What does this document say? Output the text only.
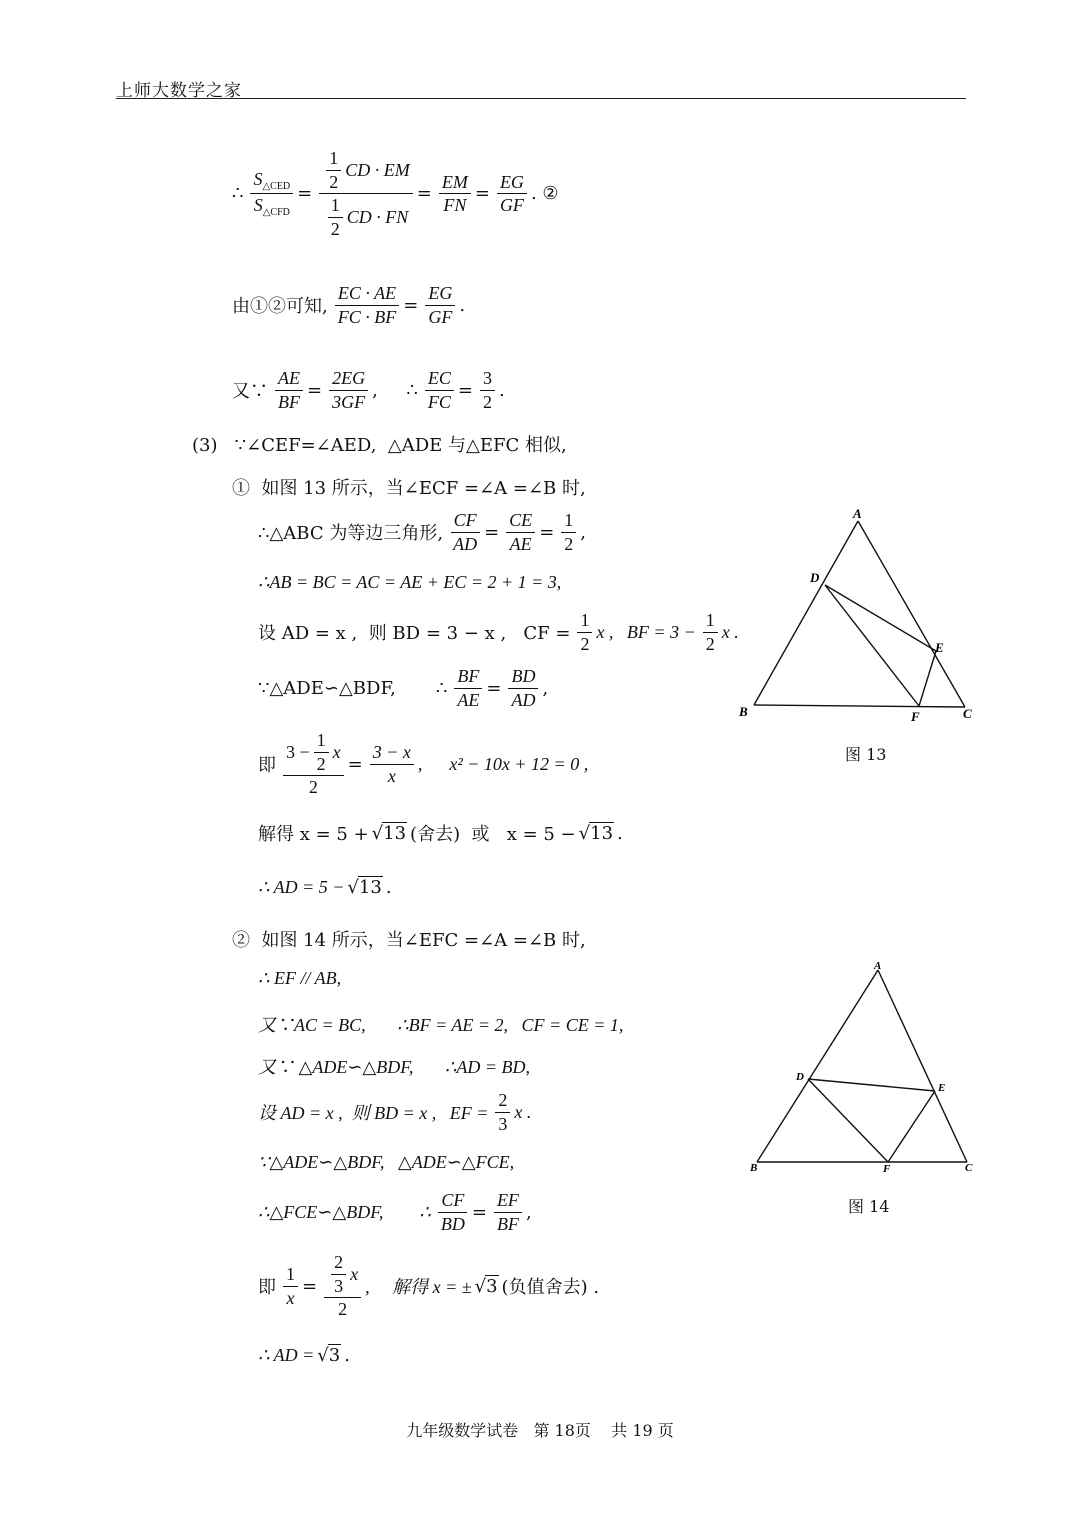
上师大数学之家
∴ $\frac{S_{\triangle CED}}{S_{\triangle CFD}} = \frac{\frac{1}{2} CD \cdot EM}{\frac{1}{2} CD \cdot FN} = \frac{EM}{FN} = \frac{EG}{GF}$ . ②
由①②可知, $\frac{EC \cdot AE}{FC \cdot BF} = \frac{EG}{GF}$ .
又∵ $\frac{AE}{BF} = \frac{2EG}{3GF}$ ,     ∴ $\frac{EC}{FC} = \frac{3}{2}$ .
(3)   ∵∠CEF=∠AED,  △ADE 与△EFC 相似,
①  如图 13 所示，当∠ECF =∠A =∠B 时,
∴△ABC 为等边三角形, $\frac{CF}{AD} = \frac{CE}{AE} = \frac{1}{2}$ ,
∴AB = BC = AC = AE + EC = 2 + 1 = 3,
设 AD = x ,  则 BD = 3 − x ,   CF = $\frac{1}{2}$ x ,   BF = $3 - \frac{1}{2}$ x .
∵△ADE∽△BDF,       ∴ $\frac{BF}{AE} = \frac{BD}{AD}$ ,
即 $\frac{3 - \frac{1}{2} x}{2} = \frac{3 - x}{x}$ ,      x² − 10x + 12 = 0 ,
解得 x = 5 + √13 (舍去)  或   x = 5 − √13 .
∴ AD = 5 − √13 .
②  如图 14 所示，当∠EFC =∠A =∠B 时,
∴ EF // AB,
又∵AC = BC,       ∴BF = AE = 2,   CF = CE = 1,
又∵ △ADE∽△BDF,       ∴AD = BD,
设 AD = x ,  则 BD = x ,   EF = $\frac{2}{3}$ x .
∵△ADE∽△BDF,   △ADE∽△FCE,
∴△FCE∽△BDF,        ∴ $\frac{CF}{BD} = \frac{EF}{BF}$ ,
即 $\frac{1}{x} = \frac{\frac{2}{3} x}{2}$ ,     解得 x = ± √3 (负值舍去) .
∴ AD = √3 .
A
B	C
D
E
F
图 13
A
B	C
D
E
F
图 14
九年级数学试卷   第 18页    共 19 页
